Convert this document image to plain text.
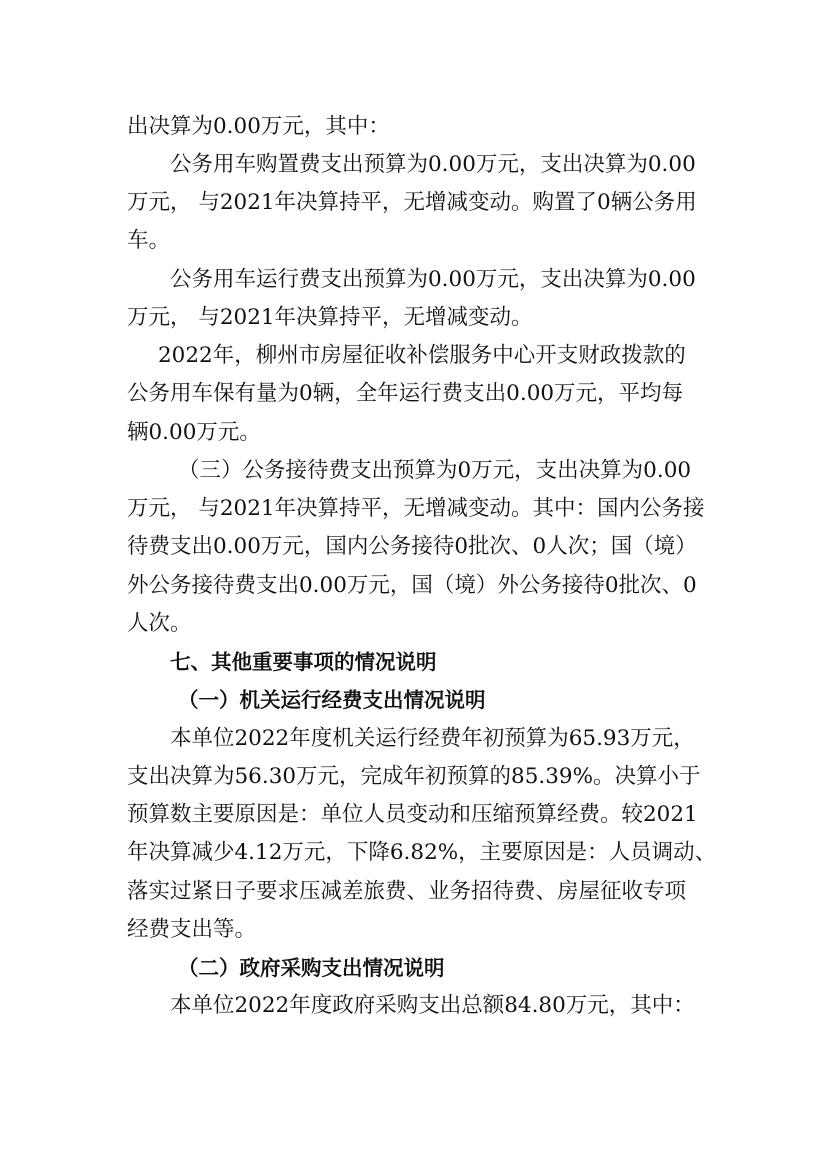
出决算为0.00万元，其中：

公务用车购置费支出预算为0.00万元，支出决算为0.00

万元， 与2021年决算持平，无增减变动。购置了0辆公务用

车。

公务用车运行费支出预算为0.00万元，支出决算为0.00

万元， 与2021年决算持平，无增减变动。

2022年，柳州市房屋征收补偿服务中心开支财政拨款的

公务用车保有量为0辆，全年运行费支出0.00万元，平均每

辆0.00万元。

（三）公务接待费支出预算为0万元，支出决算为0.00

万元， 与2021年决算持平，无增减变动。其中：国内公务接

待费支出0.00万元，国内公务接待0批次、0人次；国（境）

外公务接待费支出0.00万元，国（境）外公务接待0批次、0

人次。

七、其他重要事项的情况说明

（一）机关运行经费支出情况说明

本单位2022年度机关运行经费年初预算为65.93万元，

支出决算为56.30万元，完成年初预算的85.39%。决算小于

预算数主要原因是：单位人员变动和压缩预算经费。较2021

年决算减少4.12万元，下降6.82%，主要原因是：人员调动、

落实过紧日子要求压减差旅费、业务招待费、房屋征收专项

经费支出等。

（二）政府采购支出情况说明

本单位2022年度政府采购支出总额84.80万元，其中：
